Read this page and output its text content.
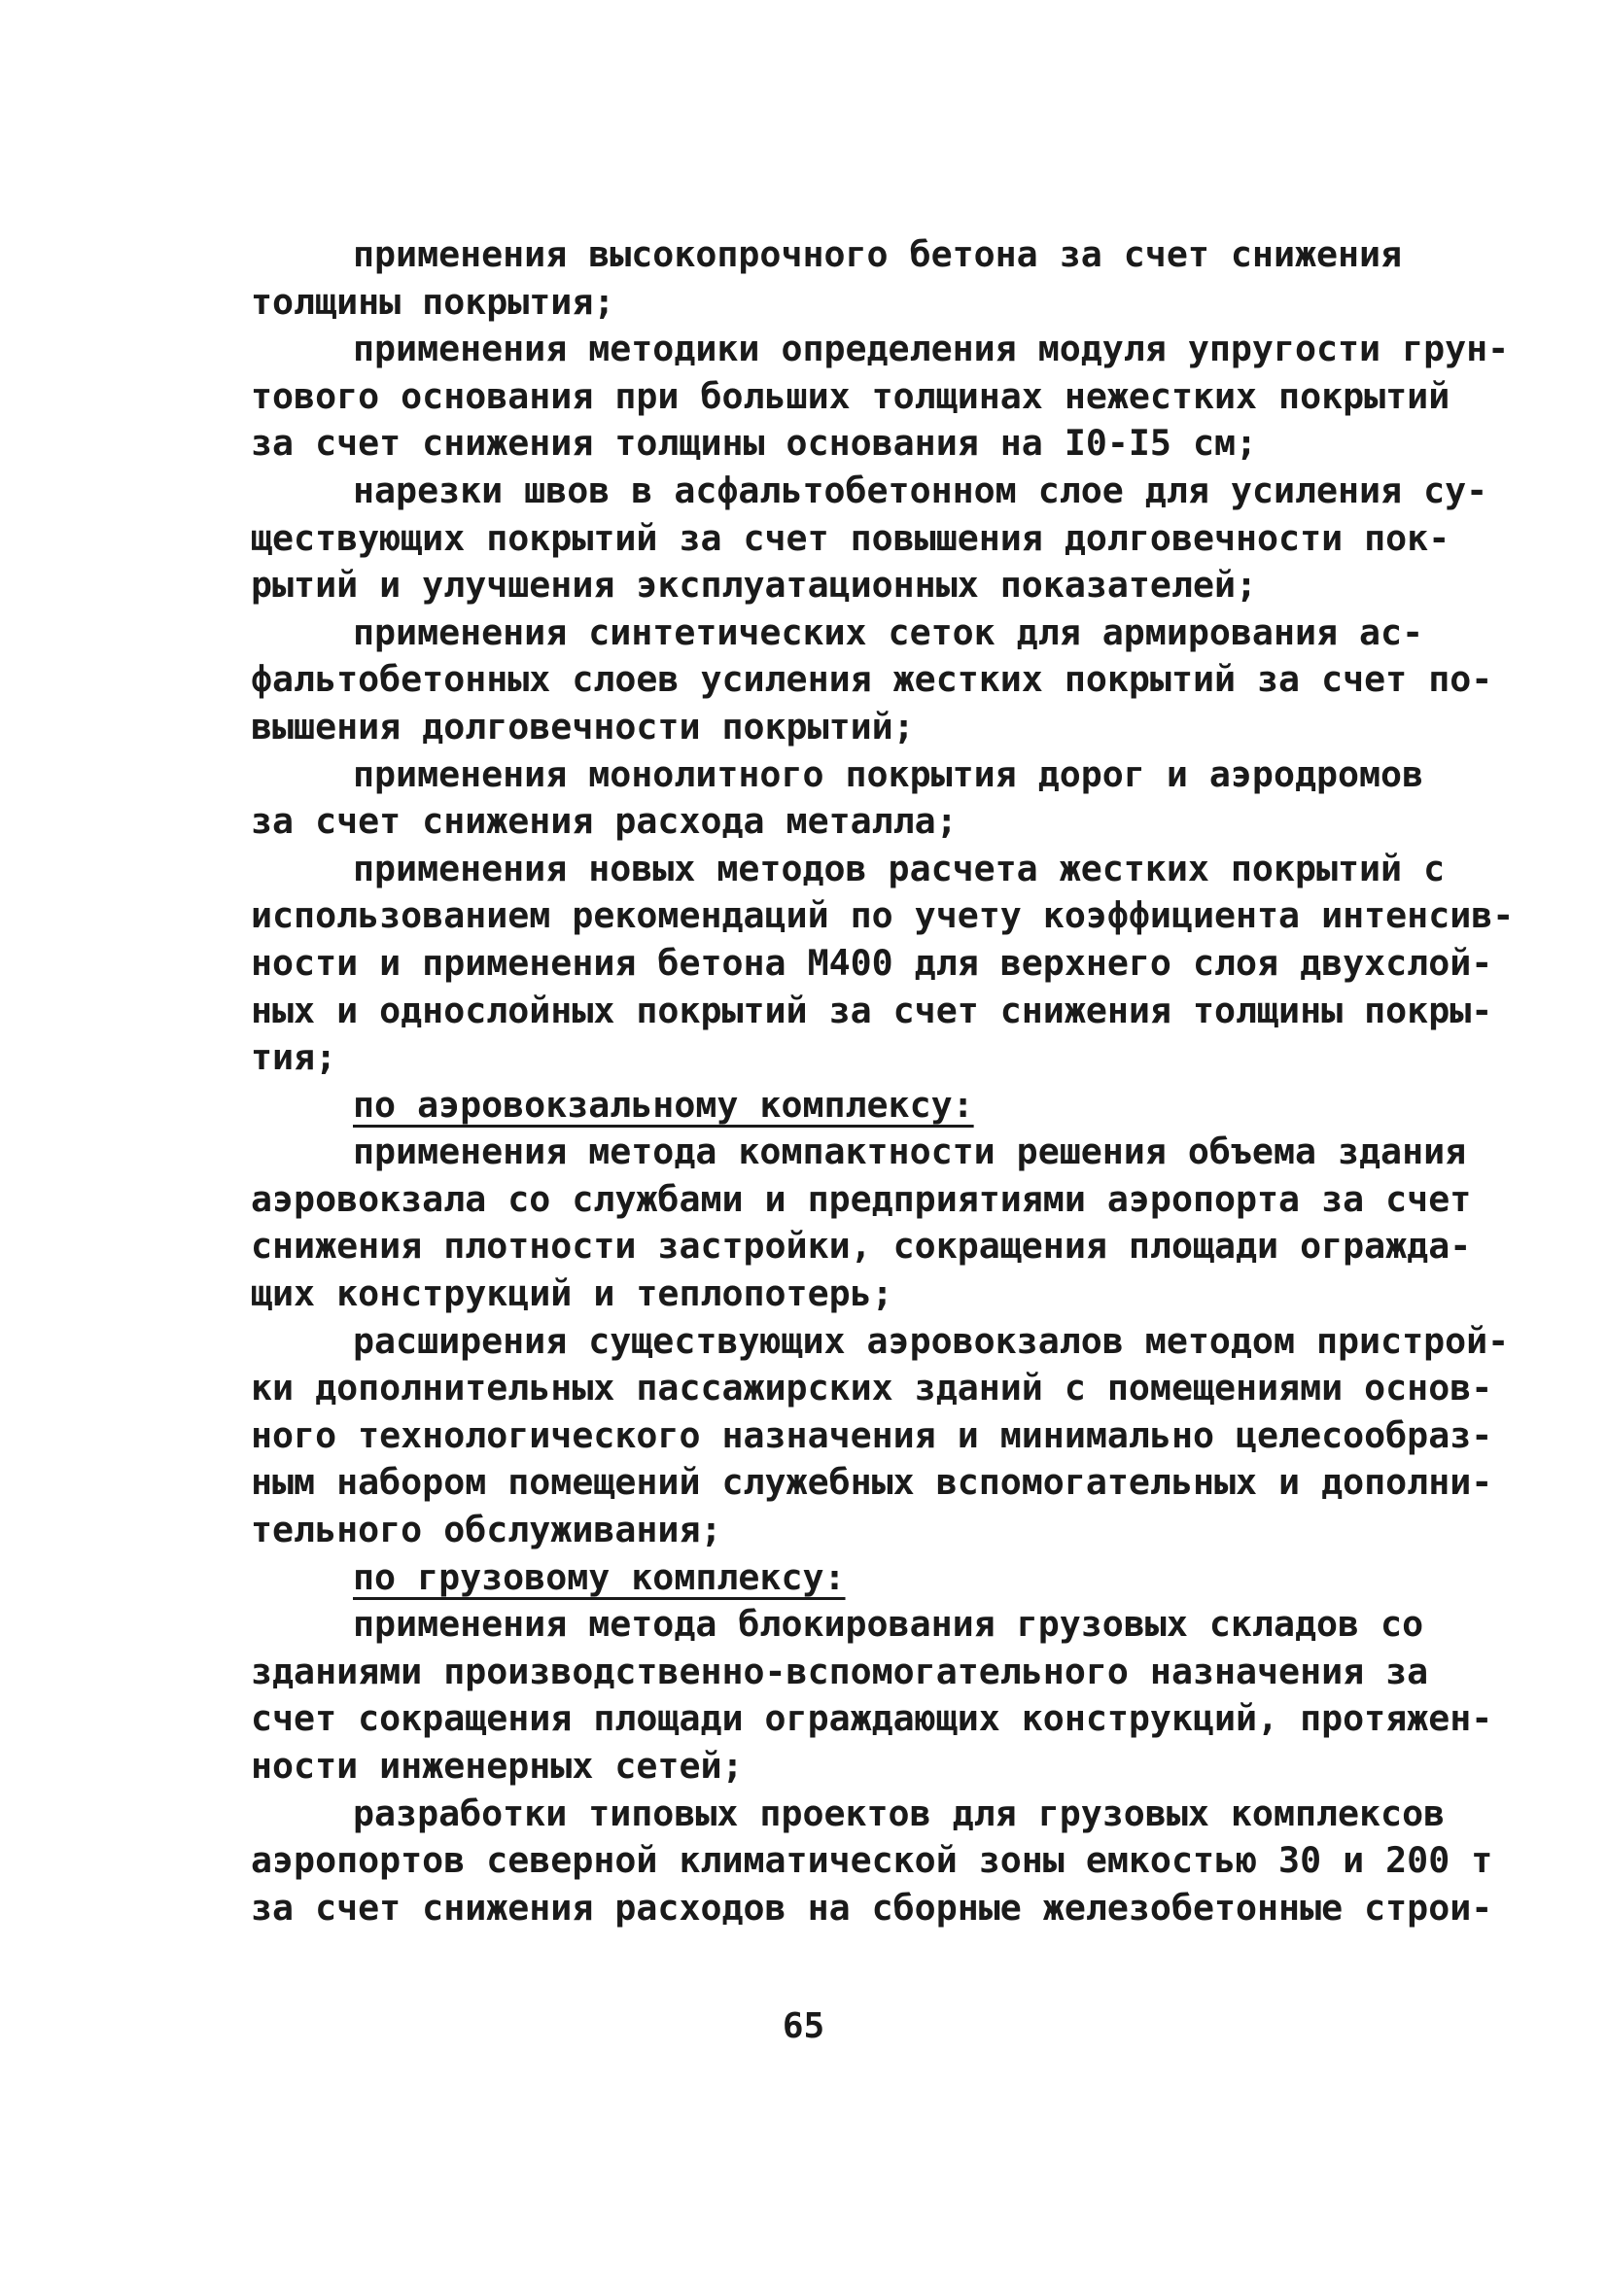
применения высокопрочного бетона за счет снижения
толщины покрытия;
применения методики определения модуля упругости грун-
тового основания при больших толщинах нежестких покрытий
за счет снижения толщины основания на I0-I5 см;
нарезки швов в асфальтобетонном слое для усиления су-
ществующих покрытий за счет повышения долговечности пок-
рытий и улучшения эксплуатационных показателей;
применения синтетических сеток для армирования ас-
фальтобетонных слоев усиления жестких покрытий за счет по-
вышения долговечности покрытий;
применения монолитного покрытия дорог и аэродромов
за счет снижения расхода металла;
применения новых методов расчета жестких покрытий с
использованием рекомендаций по учету коэффициента интенсив-
ности и применения бетона М400 для верхнего слоя двухслой-
ных и однослойных покрытий за счет снижения толщины покры-
тия;
по аэровокзальному комплексу:
применения метода компактности решения объема здания
аэровокзала со службами и предприятиями аэропорта за счет
снижения плотности застройки, сокращения площади огражда-
щих конструкций и теплопотерь;
расширения существующих аэровокзалов методом пристрой-
ки дополнительных пассажирских зданий с помещениями основ-
ного технологического назначения и минимально целесообраз-
ным набором помещений служебных вспомогательных и дополни-
тельного обслуживания;
по грузовому комплексу:
применения метода блокирования грузовых складов со
зданиями производственно-вспомогательного назначения за
счет сокращения площади ограждающих конструкций, протяжен-
ности инженерных сетей;
разработки типовых проектов для грузовых комплексов
аэропортов северной климатической зоны емкостью 30 и 200 т
за счет снижения расходов на сборные железобетонные строи-
65
